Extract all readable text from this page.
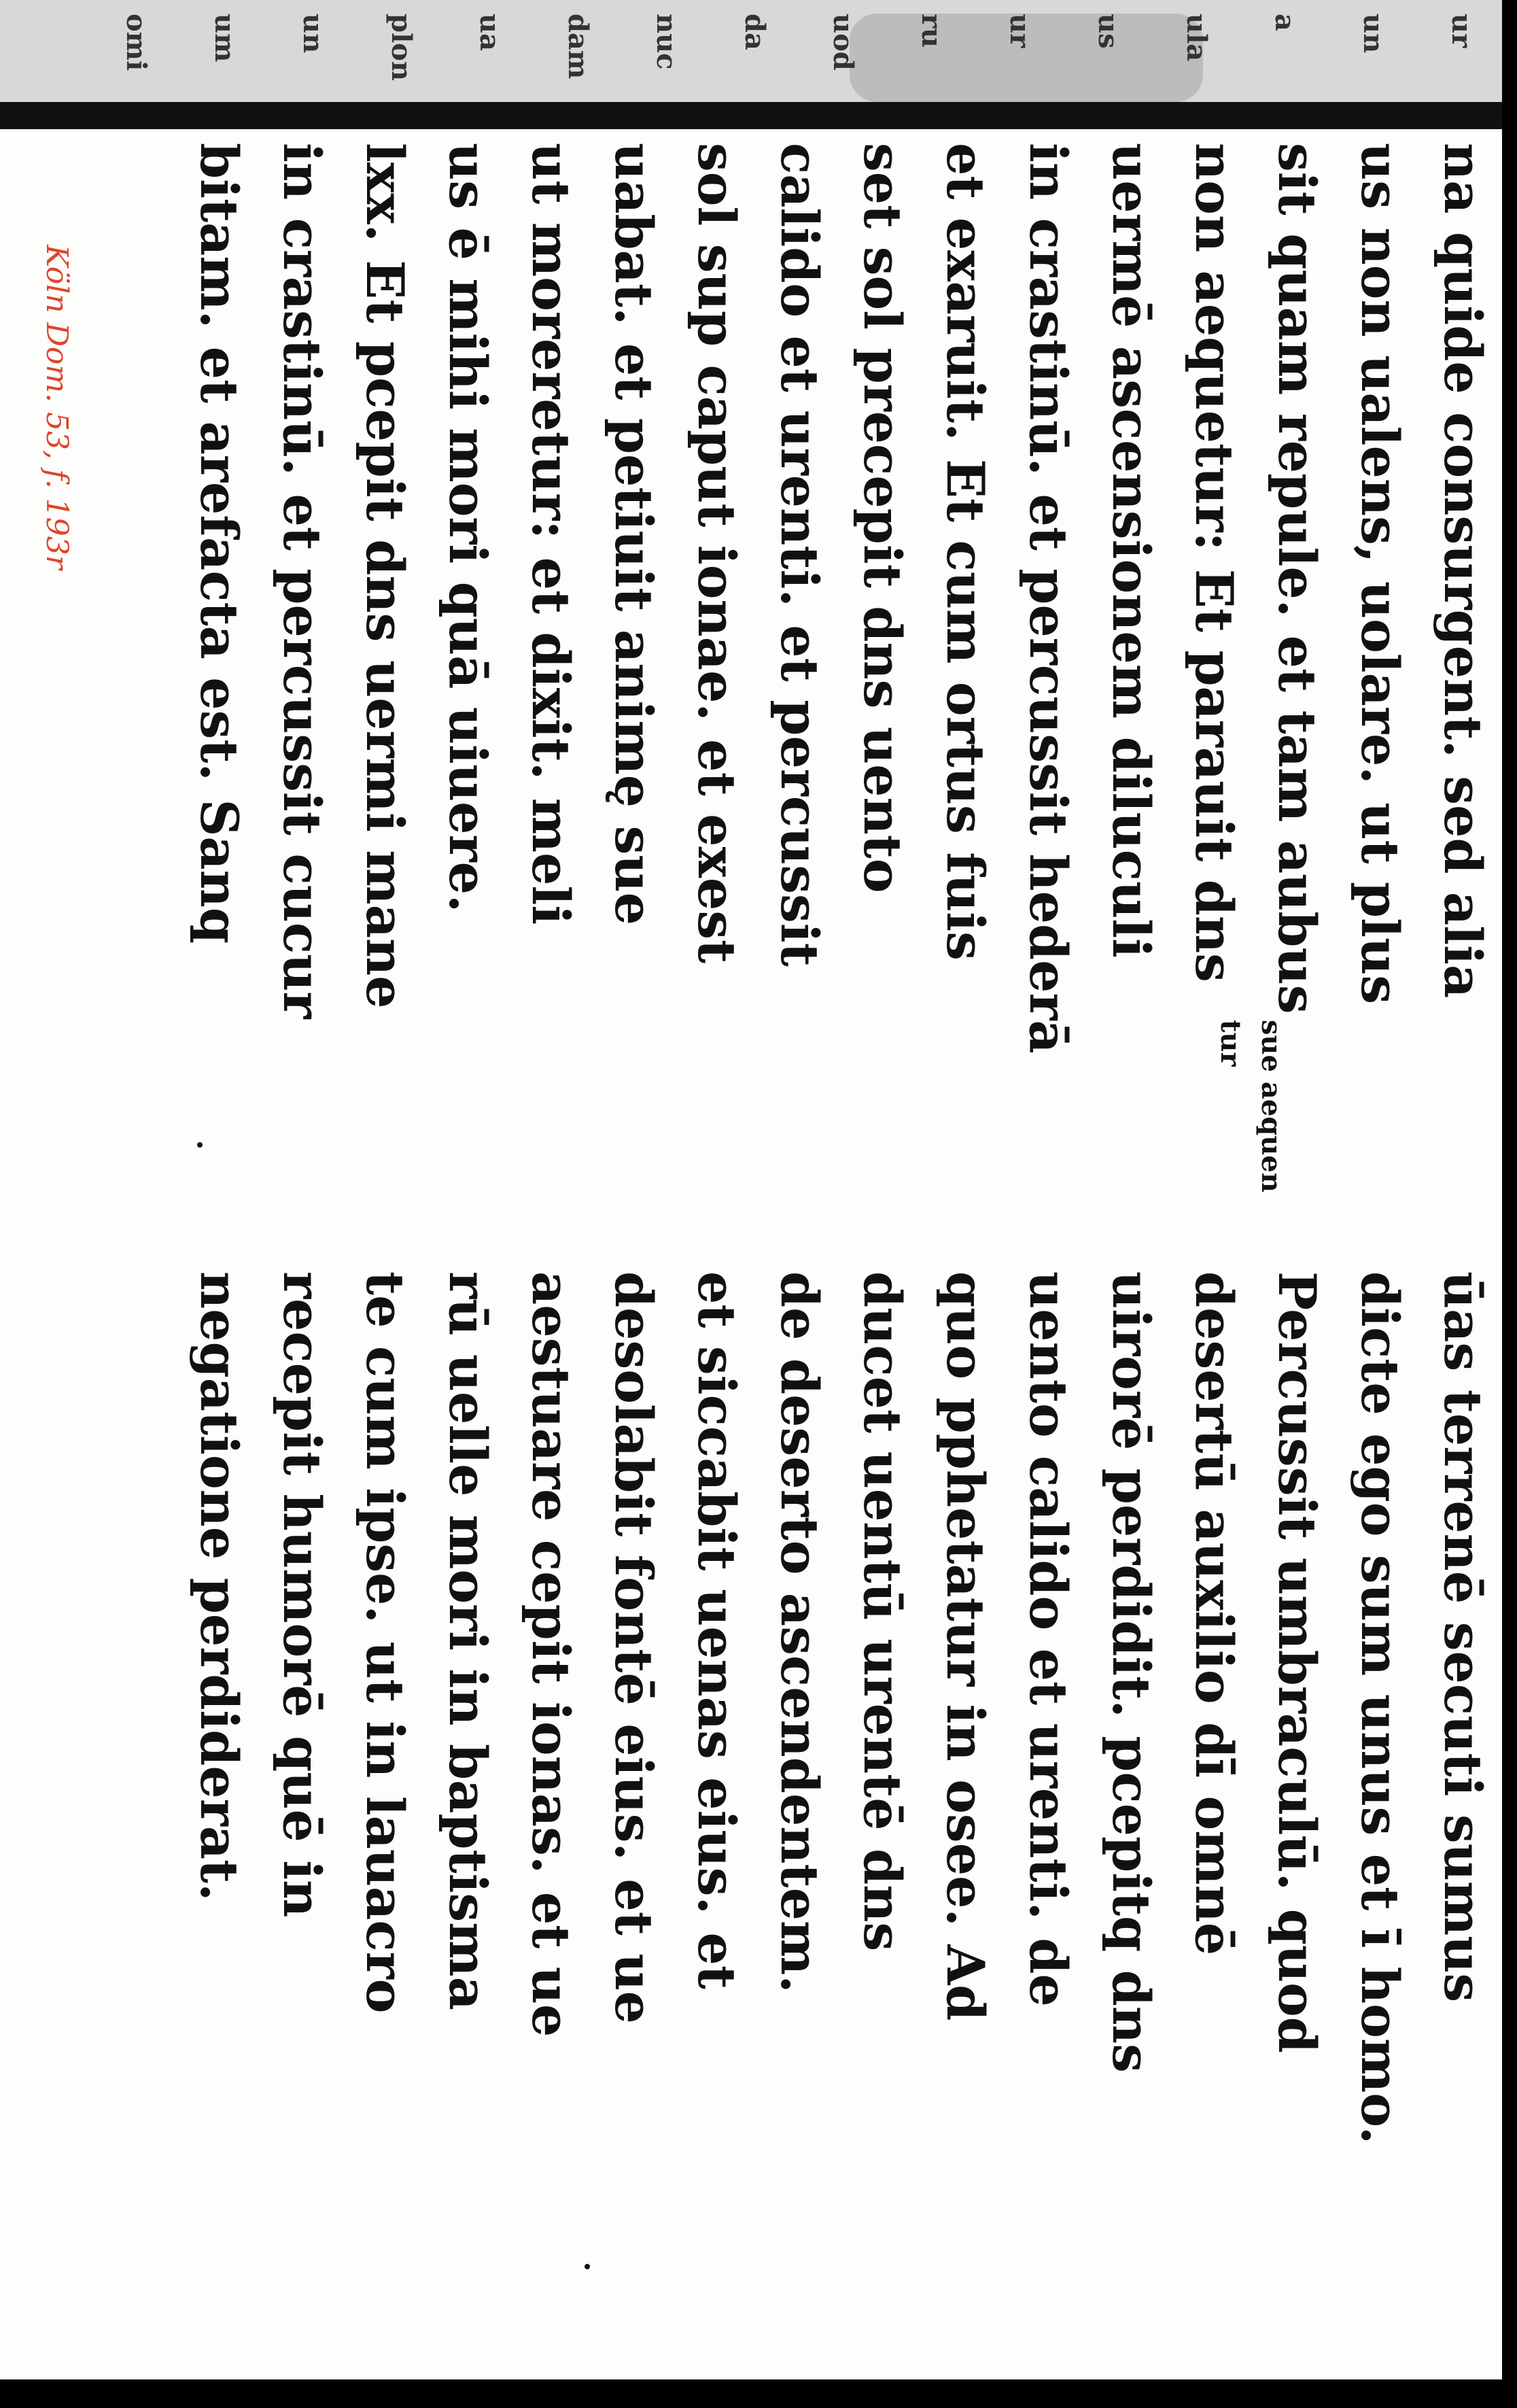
ur
un
a
ula
us
ur
ru
uod
da
nuc
dam
ua
plon
un
um
omi
na quide consurgent. sed alia
us non ualens, uolare. ut plus
sit quam repule. et tam aubus
non aequetur: Et parauit dns
uermē ascensionem diluculi
in crastinū. et percussit hederā
et exaruit. Et cum ortus fuis
set sol precepit dns uento
calido et urenti. et percussit
sol sup caput ionae. et exest
uabat. et petiuit animę sue
ut moreretur: et dixit. meli
us ē mihi mori quā uiuere.
lxx. Et pcepit dns uermi mane
in crastinū. et percussit cucur
bitam. et arefacta est. Sanq
sue aequen
tur
ūas terrenē secuti sumus
dicte ego sum unus et ī homo.
Percussit umbraculū. quod
desertū auxilio dī omnē
uirorē perdidit. pcepitq dns
uento calido et urenti. de
quo pphetatur in osee. Ad
ducet uentū urentē dns
de deserto ascendentem.
et siccabit uenas eius. et
desolabit fontē eius. et ue
aestuare cepit ionas. et ue
rū uelle mori in baptisma
te cum ipse. ut in lauacro
recepit humorē quē in
negatione perdiderat.
Köln Dom. 53, f. 193r
